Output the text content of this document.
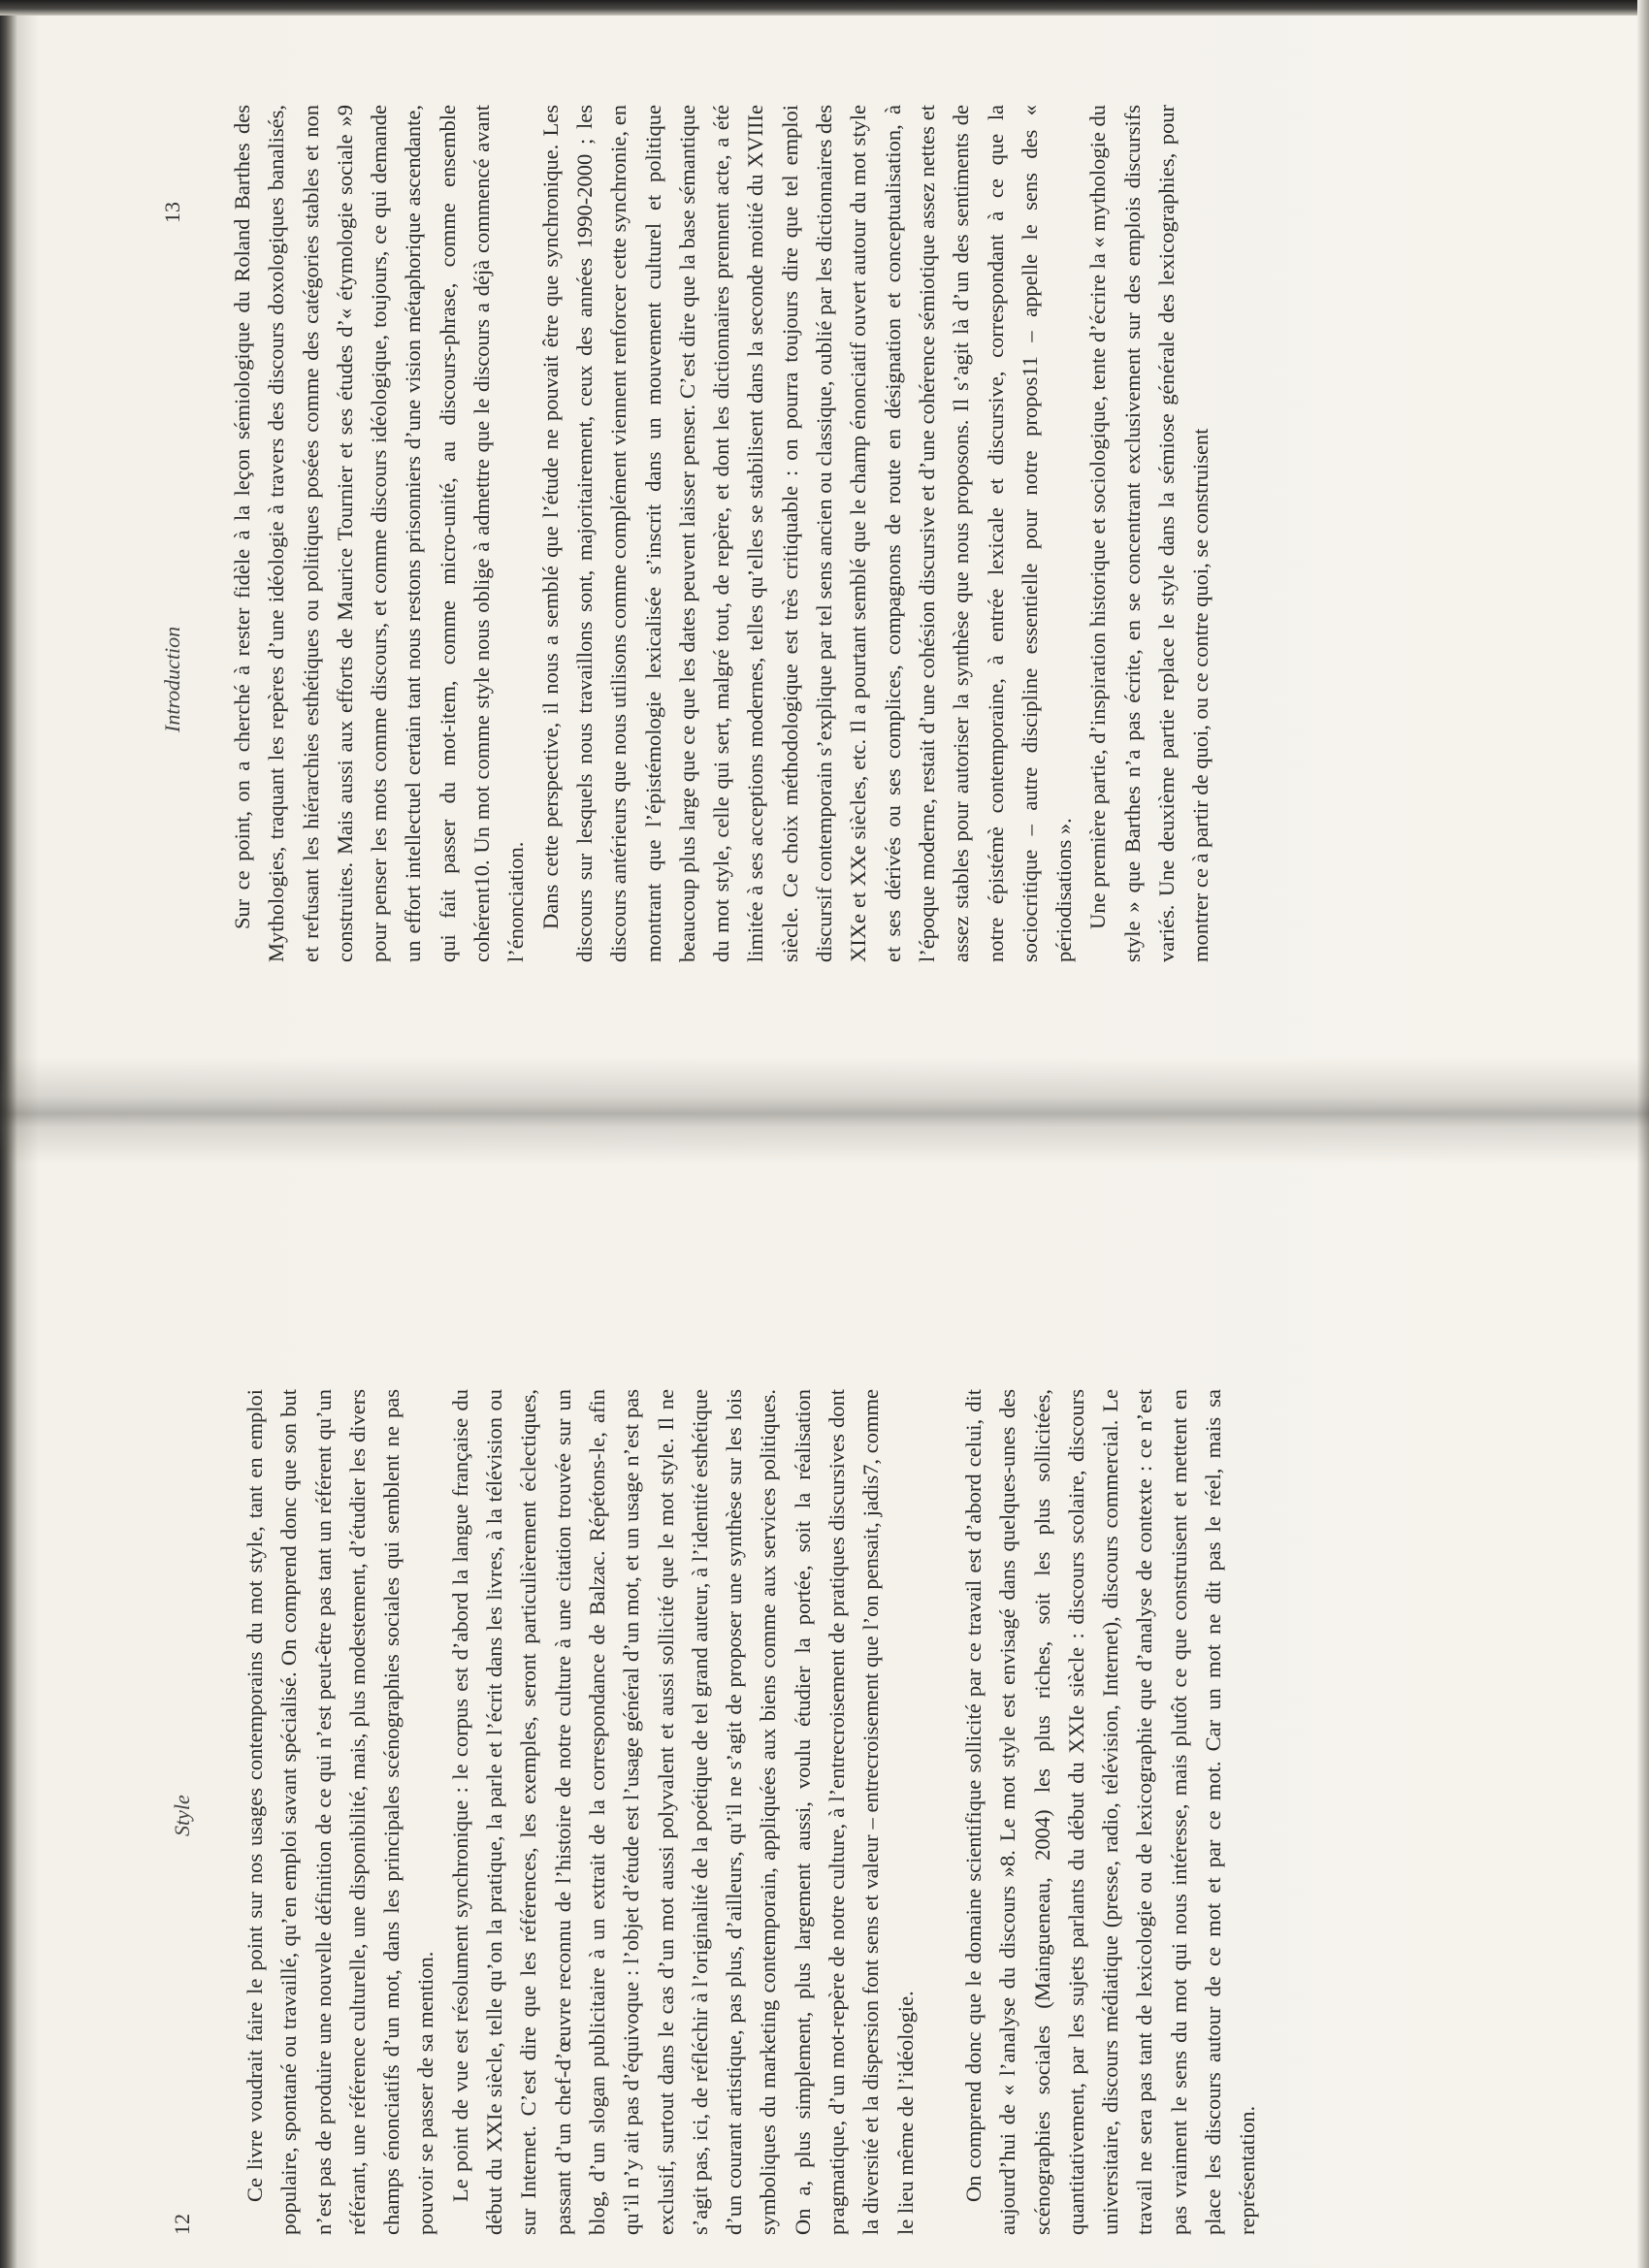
12
Style Ce livre voudrait faire le point sur nos usages contemporains du mot style, tant en emploi populaire, spontané ou travaillé, qu’en emploi savant spécialisé. On comprend donc que son but n’est pas de produire une nouvelle définition de ce qui n’est peut-être pas tant un référent qu’un référant, une référence culturelle, une disponibilité, mais, plus modestement, d’étudier les divers champs énonciatifs d’un mot, dans les principales scénographies sociales qui semblent ne pas pouvoir se passer de sa mention. Le point de vue est résolument synchronique : le corpus est d’abord la langue française du début du XXIe siècle, telle qu’on la pratique, la parle et l’écrit dans les livres, à la télévision ou sur Internet. C’est dire que les références, les exemples, seront particulièrement éclectiques, passant d’un chef-d’œuvre reconnu de l’histoire de notre culture à une citation trouvée sur un blog, d’un slogan publicitaire à un extrait de la correspondance de Balzac. Répétons-le, afin qu’il n’y ait pas d’équivoque : l’objet d’étude est l’usage général d’un mot, et un usage n’est pas exclusif, surtout dans le cas d’un mot aussi polyvalent et aussi sollicité que le mot style. Il ne s’agit pas, ici, de réfléchir à l’originalité de la poétique de tel grand auteur, à l’identité esthétique d’un courant artistique, pas plus, d’ailleurs, qu’il ne s’agit de proposer une synthèse sur les lois symboliques du marketing contemporain, appliquées aux biens comme aux services politiques. On a, plus simplement, plus largement aussi, voulu étudier la portée, soit la réalisation pragmatique, d’un mot-repère de notre culture, à l’entrecroisement de pratiques discursives dont la diversité et la dispersion font sens et valeur – entrecroisement que l’on pensait, jadis7, comme le lieu même de l’idéologie. On comprend donc que le domaine scientifique sollicité par ce travail est d’abord celui, dit aujourd’hui de « l’analyse du discours »8. Le mot style est envisagé dans quelques-unes des scénographies sociales (Maingueneau, 2004) les plus riches, soit les plus sollicitées, quantitativement, par les sujets parlants du début du XXIe siècle : discours scolaire, discours universitaire, discours médiatique (presse, radio, télévision, Internet), discours commercial. Le travail ne sera pas tant de lexicologie ou de lexicographie que d’analyse de contexte : ce n’est pas vraiment le sens du mot qui nous intéresse, mais plutôt ce que construisent et mettent en place les discours autour de ce mot et par ce mot. Car un mot ne dit pas le réel, mais sa représentation.

Introduction
13 Sur ce point, on a cherché à rester fidèle à la leçon sémiologique du Roland Barthes des Mythologies, traquant les repères d’une idéologie à travers des discours doxologiques banalisés, et refusant les hiérarchies esthétiques ou politiques posées comme des catégories stables et non construites. Mais aussi aux efforts de Maurice Tournier et ses études d’« étymologie sociale »9 pour penser les mots comme discours, et comme discours idéologique, toujours, ce qui demande un effort intellectuel certain tant nous restons prisonniers d’une vision métaphorique ascendante, qui fait passer du mot-item, comme micro-unité, au discours-phrase, comme ensemble cohérent10. Un mot comme style nous oblige à admettre que le discours a déjà commencé avant l’énonciation. Dans cette perspective, il nous a semblé que l’étude ne pouvait être que synchronique. Les discours sur lesquels nous travaillons sont, majoritairement, ceux des années 1990-2000 ; les discours antérieurs que nous utilisons comme complément viennent renforcer cette synchronie, en montrant que l’épistémologie lexicalisée s’inscrit dans un mouvement culturel et politique beaucoup plus large que ce que les dates peuvent laisser penser. C’est dire que la base sémantique du mot style, celle qui sert, malgré tout, de repère, et dont les dictionnaires prennent acte, a été limitée à ses acceptions modernes, telles qu’elles se stabilisent dans la seconde moitié du XVIIIe siècle. Ce choix méthodologique est très critiquable : on pourra toujours dire que tel emploi discursif contemporain s’explique par tel sens ancien ou classique, oublié par les dictionnaires des XIXe et XXe siècles, etc. Il a pourtant semblé que le champ énonciatif ouvert autour du mot style et ses dérivés ou ses complices, compagnons de route en désignation et conceptualisation, à l’époque moderne, restait d’une cohésion discursive et d’une cohérence sémiotique assez nettes et assez stables pour autoriser la synthèse que nous proposons. Il s’agit là d’un des sentiments de notre épistémè contemporaine, à entrée lexicale et discursive, correspondant à ce que la sociocritique – autre discipline essentielle pour notre propos11 – appelle le sens des « périodisations ». Une première partie, d’inspiration historique et sociologique, tente d’écrire la « mythologie du style » que Barthes n’a pas écrite, en se concentrant exclusivement sur des emplois discursifs variés. Une deuxième partie replace le style dans la sémiose générale des lexicographies, pour montrer ce à partir de quoi, ou ce contre quoi, se construisent
